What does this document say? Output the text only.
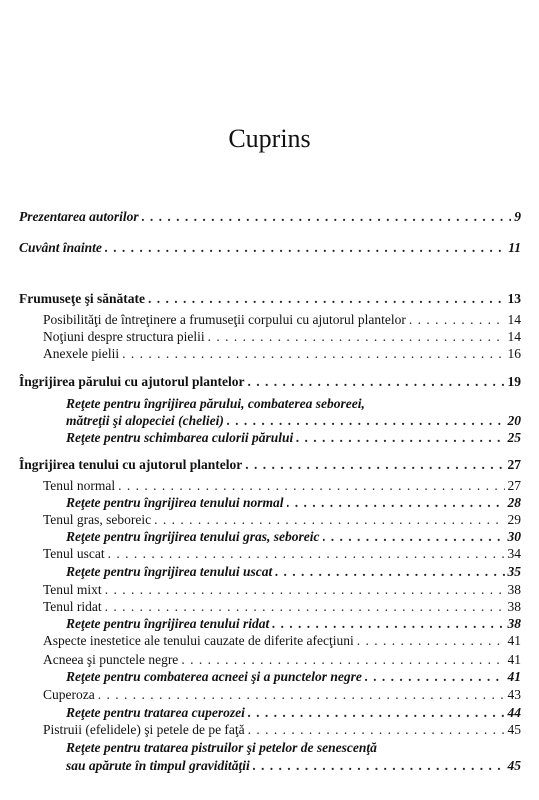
Cuprins
Prezentarea autorilor . . .	9
Cuvânt înainte . . .	11
Frumuseţe şi sănătate . . .	13
Posibilităţi de întreţinere a frumuseţii corpului cu ajutorul plantelor . . .	14
Noţiuni despre structura pielii . . .	14
Anexele pielii . . .	16
Îngrijirea părului cu ajutorul plantelor . . .	19
Reţete pentru îngrijirea părului, combaterea seboreei,
mătreţii şi alopeciei (cheliei) . . .	20
Reţete pentru schimbarea culorii părului . . .	25
Îngrijirea tenului cu ajutorul plantelor . . .	27
Tenul normal . . .	27
Reţete pentru îngrijirea tenului normal . . .	28
Tenul gras, seboreic . . .	29
Reţete pentru îngrijirea tenului gras, seboreic . . .	30
Tenul uscat . . .	34
Reţete pentru îngrijirea tenului uscat . . .	35
Tenul mixt . . .	38
Tenul ridat . . .	38
Reţete pentru îngrijirea tenului ridat . . .	38
Aspecte inestetice ale tenului cauzate de diferite afecţiuni . . .	41
Acneea şi punctele negre . . .	41
Reţete pentru combaterea acneei şi a punctelor negre . . .	41
Cuperoza . . .	43
Reţete pentru tratarea cuperozei . . .	44
Pistruii (efelidele) şi petele de pe faţă . . .	45
Reţete pentru tratarea pistruilor şi petelor de senescenţă
sau apărute în timpul gravidităţii . . .	45
